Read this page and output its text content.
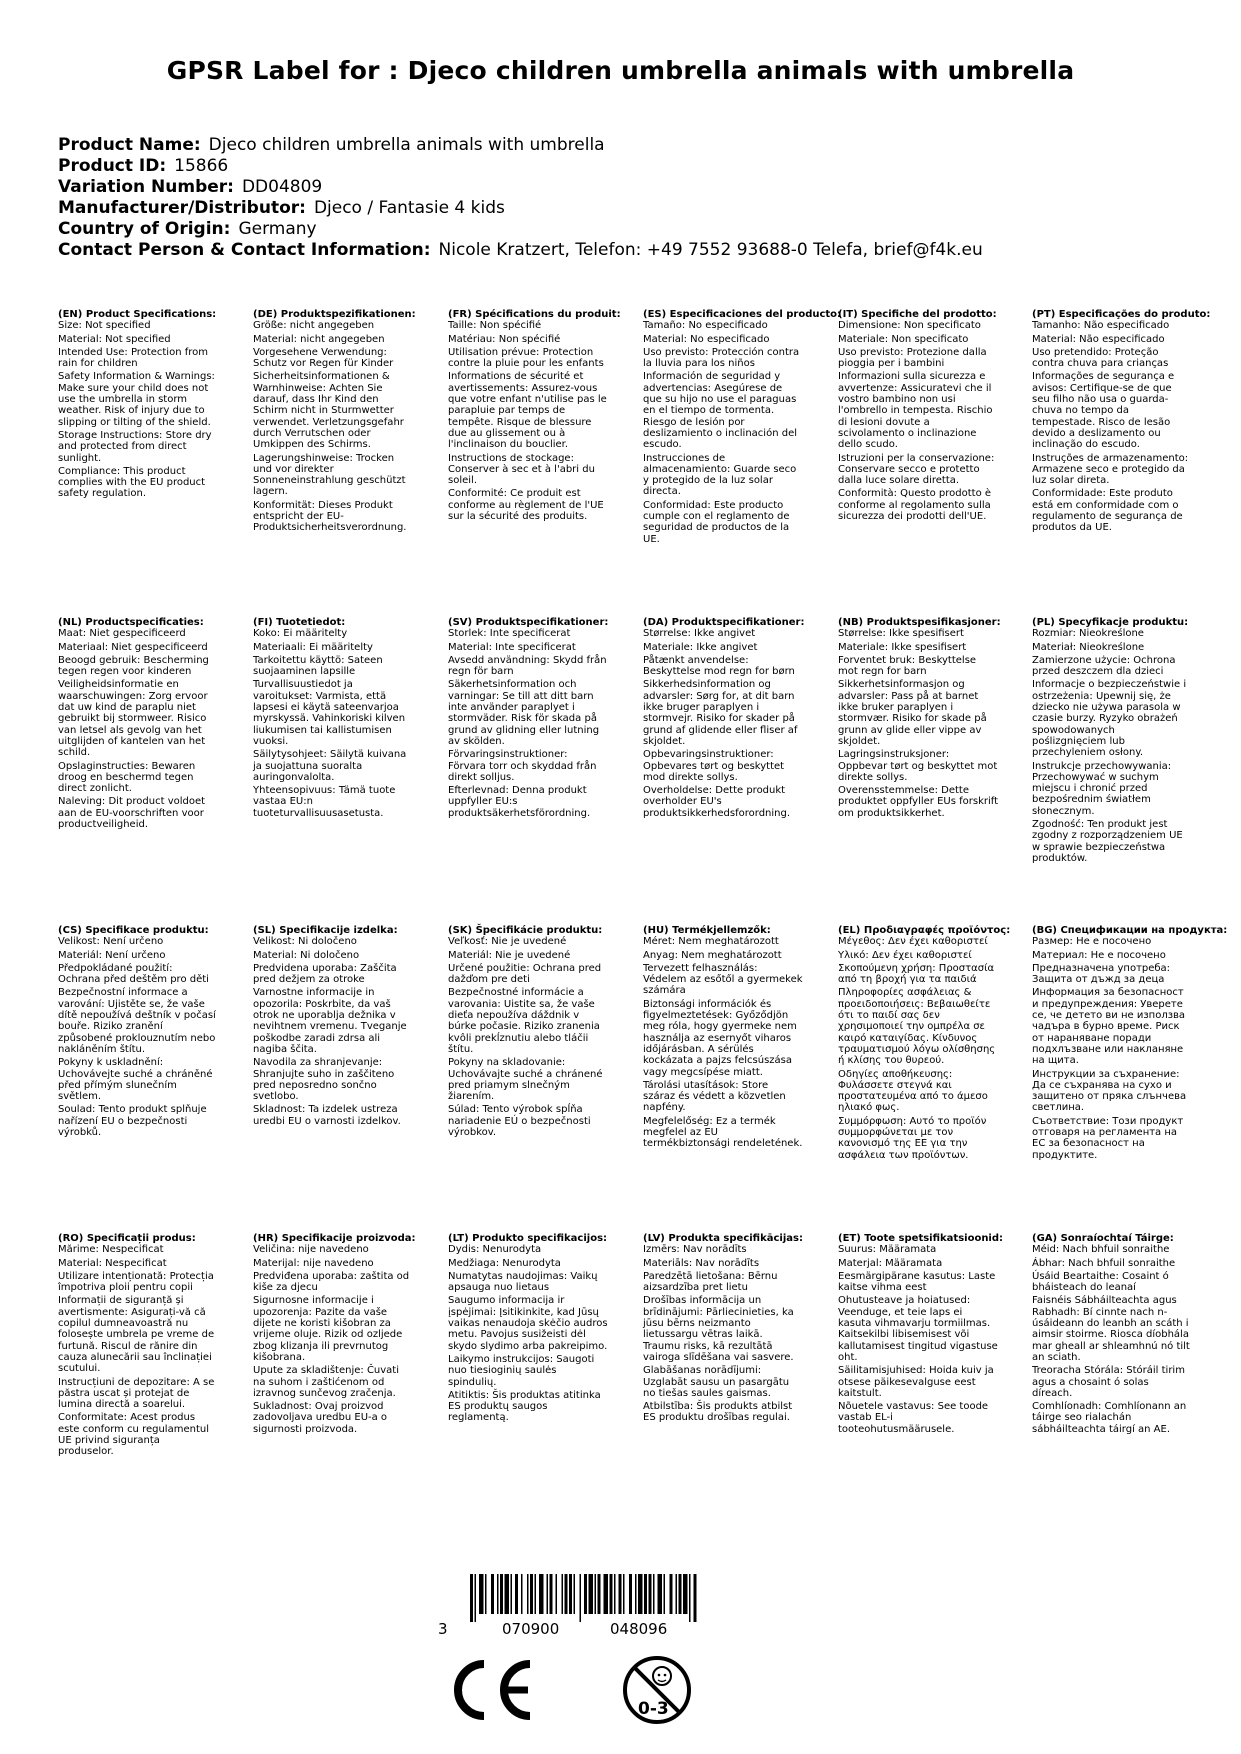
GPSR Label for : Djeco children umbrella animals with umbrella
Product Name: Djeco children umbrella animals with umbrella
Product ID: 15866
Variation Number: DD04809
Manufacturer/Distributor: Djeco / Fantasie 4 kids
Country of Origin: Germany
Contact Person & Contact Information: Nicole Kratzert, Telefon: +49 7552 93688-0 Telefa, brief@f4k.eu
(EN) Product Specifications:
Size: Not specified
Material: Not specified
Intended Use: Protection from rain for children
Safety Information & Warnings: Make sure your child does not use the umbrella in storm weather. Risk of injury due to slipping or tilting of the shield.
Storage Instructions: Store dry and protected from direct sunlight.
Compliance: This product complies with the EU product safety regulation.
(DE) Produktspezifikationen:
Größe: nicht angegeben
Material: nicht angegeben
Vorgesehene Verwendung: Schutz vor Regen für Kinder
Sicherheitsinformationen & Warnhinweise: Achten Sie darauf, dass Ihr Kind den Schirm nicht in Sturmwetter verwendet. Verletzungsgefahr durch Verrutschen oder Umkippen des Schirms.
Lagerungshinweise: Trocken und vor direkter Sonneneinstrahlung geschützt lagern.
Konformität: Dieses Produkt entspricht der EU-Produktsicherheitsverordnung.
(FR) Spécifications du produit:
Taille: Non spécifié
Matériau: Non spécifié
Utilisation prévue: Protection contre la pluie pour les enfants
Informations de sécurité et avertissements: Assurez-vous que votre enfant n'utilise pas le parapluie par temps de tempête. Risque de blessure due au glissement ou à l'inclinaison du bouclier.
Instructions de stockage: Conserver à sec et à l'abri du soleil.
Conformité: Ce produit est conforme au règlement de l'UE sur la sécurité des produits.
(ES) Especificaciones del producto:
Tamaño: No especificado
Material: No especificado
Uso previsto: Protección contra la lluvia para los niños
Información de seguridad y advertencias: Asegúrese de que su hijo no use el paraguas en el tiempo de tormenta. Riesgo de lesión por deslizamiento o inclinación del escudo.
Instrucciones de almacenamiento: Guarde seco y protegido de la luz solar directa.
Conformidad: Este producto cumple con el reglamento de seguridad de productos de la UE.
(IT) Specifiche del prodotto:
Dimensione: Non specificato
Materiale: Non specificato
Uso previsto: Protezione dalla pioggia per i bambini
Informazioni sulla sicurezza e avvertenze: Assicuratevi che il vostro bambino non usi l'ombrello in tempesta. Rischio di lesioni dovute a scivolamento o inclinazione dello scudo.
Istruzioni per la conservazione: Conservare secco e protetto dalla luce solare diretta.
Conformità: Questo prodotto è conforme al regolamento sulla sicurezza dei prodotti dell'UE.
(PT) Especificações do produto:
Tamanho: Não especificado
Material: Não especificado
Uso pretendido: Proteção contra chuva para crianças
Informações de segurança e avisos: Certifique-se de que seu filho não usa o guarda-chuva no tempo da tempestade. Risco de lesão devido a deslizamento ou inclinação do escudo.
Instruções de armazenamento: Armazene seco e protegido da luz solar direta.
Conformidade: Este produto está em conformidade com o regulamento de segurança de produtos da UE.
(NL) Productspecificaties:
Maat: Niet gespecificeerd
Materiaal: Niet gespecificeerd
Beoogd gebruik: Bescherming tegen regen voor kinderen
Veiligheidsinformatie en waarschuwingen: Zorg ervoor dat uw kind de paraplu niet gebruikt bij stormweer. Risico van letsel als gevolg van het uitglijden of kantelen van het schild.
Opslaginstructies: Bewaren droog en beschermd tegen direct zonlicht.
Naleving: Dit product voldoet aan de EU-voorschriften voor productveiligheid.
(FI) Tuotetiedot:
Koko: Ei määritelty
Materiaali: Ei määritelty
Tarkoitettu käyttö: Sateen suojaaminen lapsille
Turvallisuustiedot ja varoitukset: Varmista, että lapsesi ei käytä sateenvarjoa myrskyssä. Vahinkoriski kilven liukumisen tai kallistumisen vuoksi.
Säilytysohjeet: Säilytä kuivana ja suojattuna suoralta auringonvalolta.
Yhteensopivuus: Tämä tuote vastaa EU:n tuoteturvallisuusasetusta.
(SV) Produktspecifikationer:
Storlek: Inte specificerat
Material: Inte specificerat
Avsedd användning: Skydd från regn för barn
Säkerhetsinformation och varningar: Se till att ditt barn inte använder paraplyet i stormväder. Risk för skada på grund av glidning eller lutning av skölden.
Förvaringsinstruktioner: Förvara torr och skyddad från direkt solljus.
Efterlevnad: Denna produkt uppfyller EU:s produktsäkerhetsförordning.
(DA) Produktspecifikationer:
Størrelse: Ikke angivet
Materiale: Ikke angivet
Påtænkt anvendelse: Beskyttelse mod regn for børn
Sikkerhedsinformation og advarsler: Sørg for, at dit barn ikke bruger paraplyen i stormvejr. Risiko for skader på grund af glidende eller fliser af skjoldet.
Opbevaringsinstruktioner: Opbevares tørt og beskyttet mod direkte sollys.
Overholdelse: Dette produkt overholder EU's produktsikkerhedsforordning.
(NB) Produktspesifikasjoner:
Størrelse: Ikke spesifisert
Materiale: Ikke spesifisert
Forventet bruk: Beskyttelse mot regn for barn
Sikkerhetsinformasjon og advarsler: Pass på at barnet ikke bruker paraplyen i stormvær. Risiko for skade på grunn av glide eller vippe av skjoldet.
Lagringsinstruksjoner: Oppbevar tørt og beskyttet mot direkte sollys.
Overensstemmelse: Dette produktet oppfyller EUs forskrift om produktsikkerhet.
(PL) Specyfikacje produktu:
Rozmiar: Nieokreślone
Materiał: Nieokreślone
Zamierzone użycie: Ochrona przed deszczem dla dzieci
Informacje o bezpieczeństwie i ostrzeżenia: Upewnij się, że dziecko nie używa parasola w czasie burzy. Ryzyko obrażeń spowodowanych poślizgnięciem lub przechyleniem osłony.
Instrukcje przechowywania: Przechowywać w suchym miejscu i chronić przed bezpośrednim światłem słonecznym.
Zgodność: Ten produkt jest zgodny z rozporządzeniem UE w sprawie bezpieczeństwa produktów.
(CS) Specifikace produktu:
Velikost: Není určeno
Materiál: Není určeno
Předpokládané použití: Ochrana před deštěm pro děti
Bezpečnostní informace a varování: Ujistěte se, že vaše dítě nepoužívá deštník v počasí bouře. Riziko zranění způsobené proklouznutím nebo nakláněním štítu.
Pokyny k uskladnění: Uchovávejte suché a chráněné před přímým slunečním světlem.
Soulad: Tento produkt splňuje nařízení EU o bezpečnosti výrobků.
(SL) Specifikacije izdelka:
Velikost: Ni določeno
Material: Ni določeno
Predvidena uporaba: Zaščita pred dežjem za otroke
Varnostne informacije in opozorila: Poskrbite, da vaš otrok ne uporablja dežnika v nevihtnem vremenu. Tveganje poškodbe zaradi zdrsa ali nagiba ščita.
Navodila za shranjevanje: Shranjujte suho in zaščiteno pred neposredno sončno svetlobo.
Skladnost: Ta izdelek ustreza uredbi EU o varnosti izdelkov.
(SK) Špecifikácie produktu:
Veľkosť: Nie je uvedené
Materiál: Nie je uvedené
Určené použitie: Ochrana pred dažďom pre deti
Bezpečnostné informácie a varovania: Uistite sa, že vaše dieťa nepoužíva dáždnik v búrke počasie. Riziko zranenia kvôli prekĺznutiu alebo tláčii štítu.
Pokyny na skladovanie: Uchovávajte suché a chránené pred priamym slnečným žiarením.
Súlad: Tento výrobok spĺňa nariadenie EÚ o bezpečnosti výrobkov.
(HU) Termékjellemzők:
Méret: Nem meghatározott
Anyag: Nem meghatározott
Tervezett felhasználás: Védelem az esőtől a gyermekek számára
Biztonsági információk és figyelmeztetések: Győződjön meg róla, hogy gyermeke nem használja az esernyőt viharos időjárásban. A sérülés kockázata a pajzs felcsúszása vagy megcsípése miatt.
Tárolási utasítások: Store száraz és védett a közvetlen napfény.
Megfelelőség: Ez a termék megfelel az EU termékbiztonsági rendeletének.
(EL) Προδιαγραφές προϊόντος:
Μέγεθος: Δεν έχει καθοριστεί
Υλικό: Δεν έχει καθοριστεί
Σκοπούμενη χρήση: Προστασία από τη βροχή για τα παιδιά
Πληροφορίες ασφάλειας & προειδοποιήσεις: Βεβαιωθείτε ότι το παιδί σας δεν χρησιμοποιεί την ομπρέλα σε καιρό καταιγίδας. Κίνδυνος τραυματισμού λόγω ολίσθησης ή κλίσης του θυρεού.
Οδηγίες αποθήκευσης: Φυλάσσετε στεγνά και προστατευμένα από το άμεσο ηλιακό φως.
Συμμόρφωση: Αυτό το προϊόν συμμορφώνεται με τον κανονισμό της ΕΕ για την ασφάλεια των προϊόντων.
(BG) Спецификации на продукта:
Размер: Не е посочено
Материал: Не е посочено
Предназначена употреба: Защита от дъжд за деца
Информация за безопасност и предупреждения: Уверете се, че детето ви не използва чадъра в бурно време. Риск от нараняване поради подхлъзване или накланяне на щита.
Инструкции за съхранение: Да се съхранява на сухо и защитено от пряка слънчева светлина.
Съответствие: Този продукт отговаря на регламента на ЕС за безопасност на продуктите.
(RO) Specificații produs:
Mărime: Nespecificat
Material: Nespecificat
Utilizare intenționată: Protecția împotriva ploii pentru copii
Informații de siguranță și avertismente: Asigurați-vă că copilul dumneavoastră nu folosește umbrela pe vreme de furtună. Riscul de rănire din cauza alunecării sau înclinației scutului.
Instrucțiuni de depozitare: A se păstra uscat și protejat de lumina directă a soarelui.
Conformitate: Acest produs este conform cu regulamentul UE privind siguranța produselor.
(HR) Specifikacije proizvoda:
Veličina: nije navedeno
Materijal: nije navedeno
Predviđena uporaba: zaštita od kiše za djecu
Sigurnosne informacije i upozorenja: Pazite da vaše dijete ne koristi kišobran za vrijeme oluje. Rizik od ozljede zbog klizanja ili prevrnutog kišobrana.
Upute za skladištenje: Čuvati na suhom i zaštićenom od izravnog sunčevog zračenja.
Sukladnost: Ovaj proizvod zadovoljava uredbu EU-a o sigurnosti proizvoda.
(LT) Produkto specifikacijos:
Dydis: Nenurodyta
Medžiaga: Nenurodyta
Numatytas naudojimas: Vaikų apsauga nuo lietaus
Saugumo informacija ir įspėjimai: Įsitikinkite, kad Jūsų vaikas nenaudoja skėčio audros metu. Pavojus susižeisti dėl skydo slydimo arba pakreipimo.
Laikymo instrukcijos: Saugoti nuo tiesioginių saulės spindulių.
Atitiktis: Šis produktas atitinka ES produktų saugos reglamentą.
(LV) Produkta specifikācijas:
Izmērs: Nav norādīts
Materiāls: Nav norādīts
Paredzētā lietošana: Bērnu aizsardzība pret lietu
Drošības informācija un brīdinājumi: Pārliecinieties, ka jūsu bērns neizmanto lietussargu vētras laikā. Traumu risks, kā rezultātā vairoga slīdēšana vai sasvere.
Glabāšanas norādījumi: Uzglabāt sausu un pasargātu no tiešas saules gaismas.
Atbilstība: Šis produkts atbilst ES produktu drošības regulai.
(ET) Toote spetsifikatsioonid:
Suurus: Määramata
Materjal: Määramata
Eesmärgipärane kasutus: Laste kaitse vihma eest
Ohutusteave ja hoiatused: Veenduge, et teie laps ei kasuta vihmavarju tormiilmas. Kaitsekilbi libisemisest või kallutamisest tingitud vigastuse oht.
Säilitamisjuhised: Hoida kuiv ja otsese päikesevalguse eest kaitstult.
Nõuetele vastavus: See toode vastab EL-i tooteohutusmäärusele.
(GA) Sonraíochtaí Táirge:
Méid: Nach bhfuil sonraithe
Ábhar: Nach bhfuil sonraithe
Úsáid Beartaithe: Cosaint ó bháisteach do leanaí
Faisnéis Sábháilteachta agus Rabhadh: Bí cinnte nach n-úsáideann do leanbh an scáth i aimsir stoirme. Riosca díobhála mar gheall ar shleamhnú nó tilt an sciath.
Treoracha Stórála: Stóráil tirim agus a chosaint ó solas díreach.
Comhlíonadh: Comhlíonann an táirge seo rialachán sábháilteachta táirgí an AE.
3	070900	048096
0-3
